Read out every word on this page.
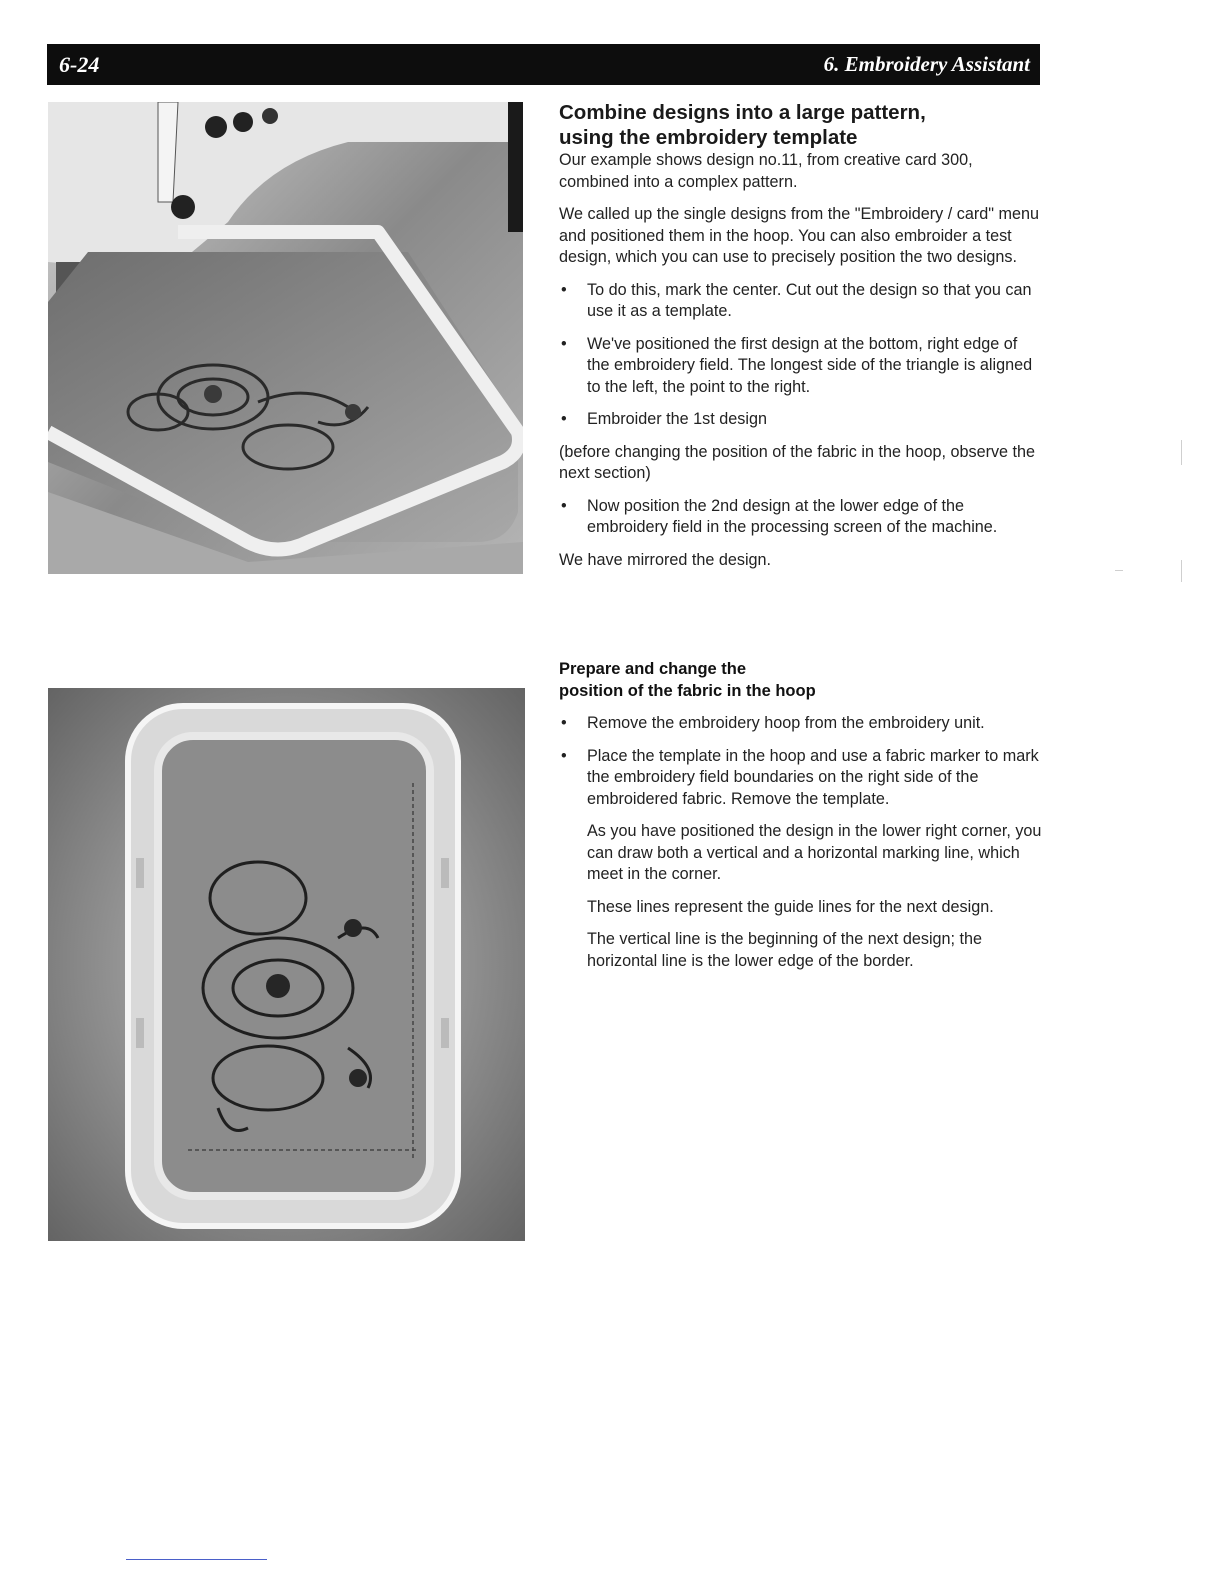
6-24	6. Embroidery Assistant

Combine designs into a large pattern,

using the embroidery template

Our example shows design no.11, from creative card 300, combined into a complex pattern.

We called up the single designs from the "Embroidery / card" menu and positioned them in the hoop. You can also embroider a test design, which you can use to precisely position the two designs.

• To do this, mark the center. Cut out the design so that you can use it as a template.

• We've positioned the first design at the bottom, right edge of the embroidery field. The longest side of the triangle is aligned to the left, the point to the right.

• Embroider the 1st design

(before changing the position of the fabric in the hoop, observe the next section)

• Now position the 2nd design at the lower edge of the embroidery field in the processing screen of the machine.

We have mirrored the design.

Prepare and change the

position of the fabric in the hoop

• Remove the embroidery hoop from the embroidery unit.

• Place the template in the hoop and use a fabric marker to mark the embroidery field boundaries on the right side of the embroidered fabric. Remove the template.

As you have positioned the design in the lower right corner, you can draw both a vertical and a horizontal marking line, which meet in the corner.

These lines represent the guide lines for the next design.

The vertical line is the beginning of the next design; the horizontal line is the lower edge of the border.
